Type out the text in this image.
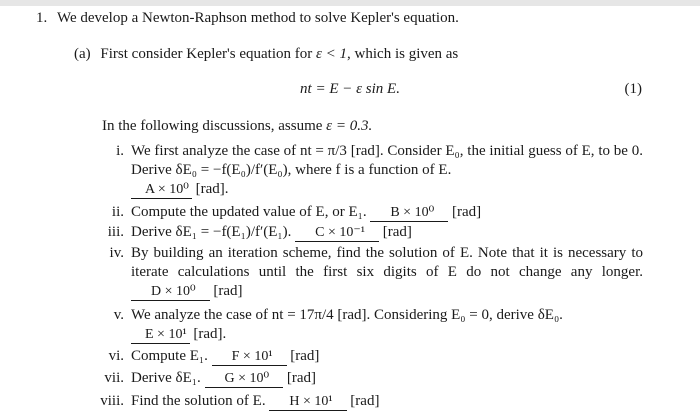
1. We develop a Newton-Raphson method to solve Kepler's equation.
(a) First consider Kepler's equation for ε < 1, which is given as
nt = E − ε sin E.	(1)
In the following discussions, assume ε = 0.3.
i. We first analyze the case of nt = π/3 [rad]. Consider E₀, the initial guess of E, to be 0. Derive δE₀ = −f(E₀)/f′(E₀), where f is a function of E.
A × 10⁰ [rad].
ii. Compute the updated value of E, or E₁. B × 10⁰ [rad]
iii. Derive δE₁ = −f(E₁)/f′(E₁). C × 10⁻¹ [rad]
iv. By building an iteration scheme, find the solution of E. Note that it is necessary to iterate calculations until the first six digits of E do not change any longer. D × 10⁰ [rad]
v. We analyze the case of nt = 17π/4 [rad]. Considering E₀ = 0, derive δE₀.
E × 10¹ [rad].
vi. Compute E₁. F × 10¹ [rad]
vii. Derive δE₁. G × 10⁰ [rad]
viii. Find the solution of E. H × 10¹ [rad]
